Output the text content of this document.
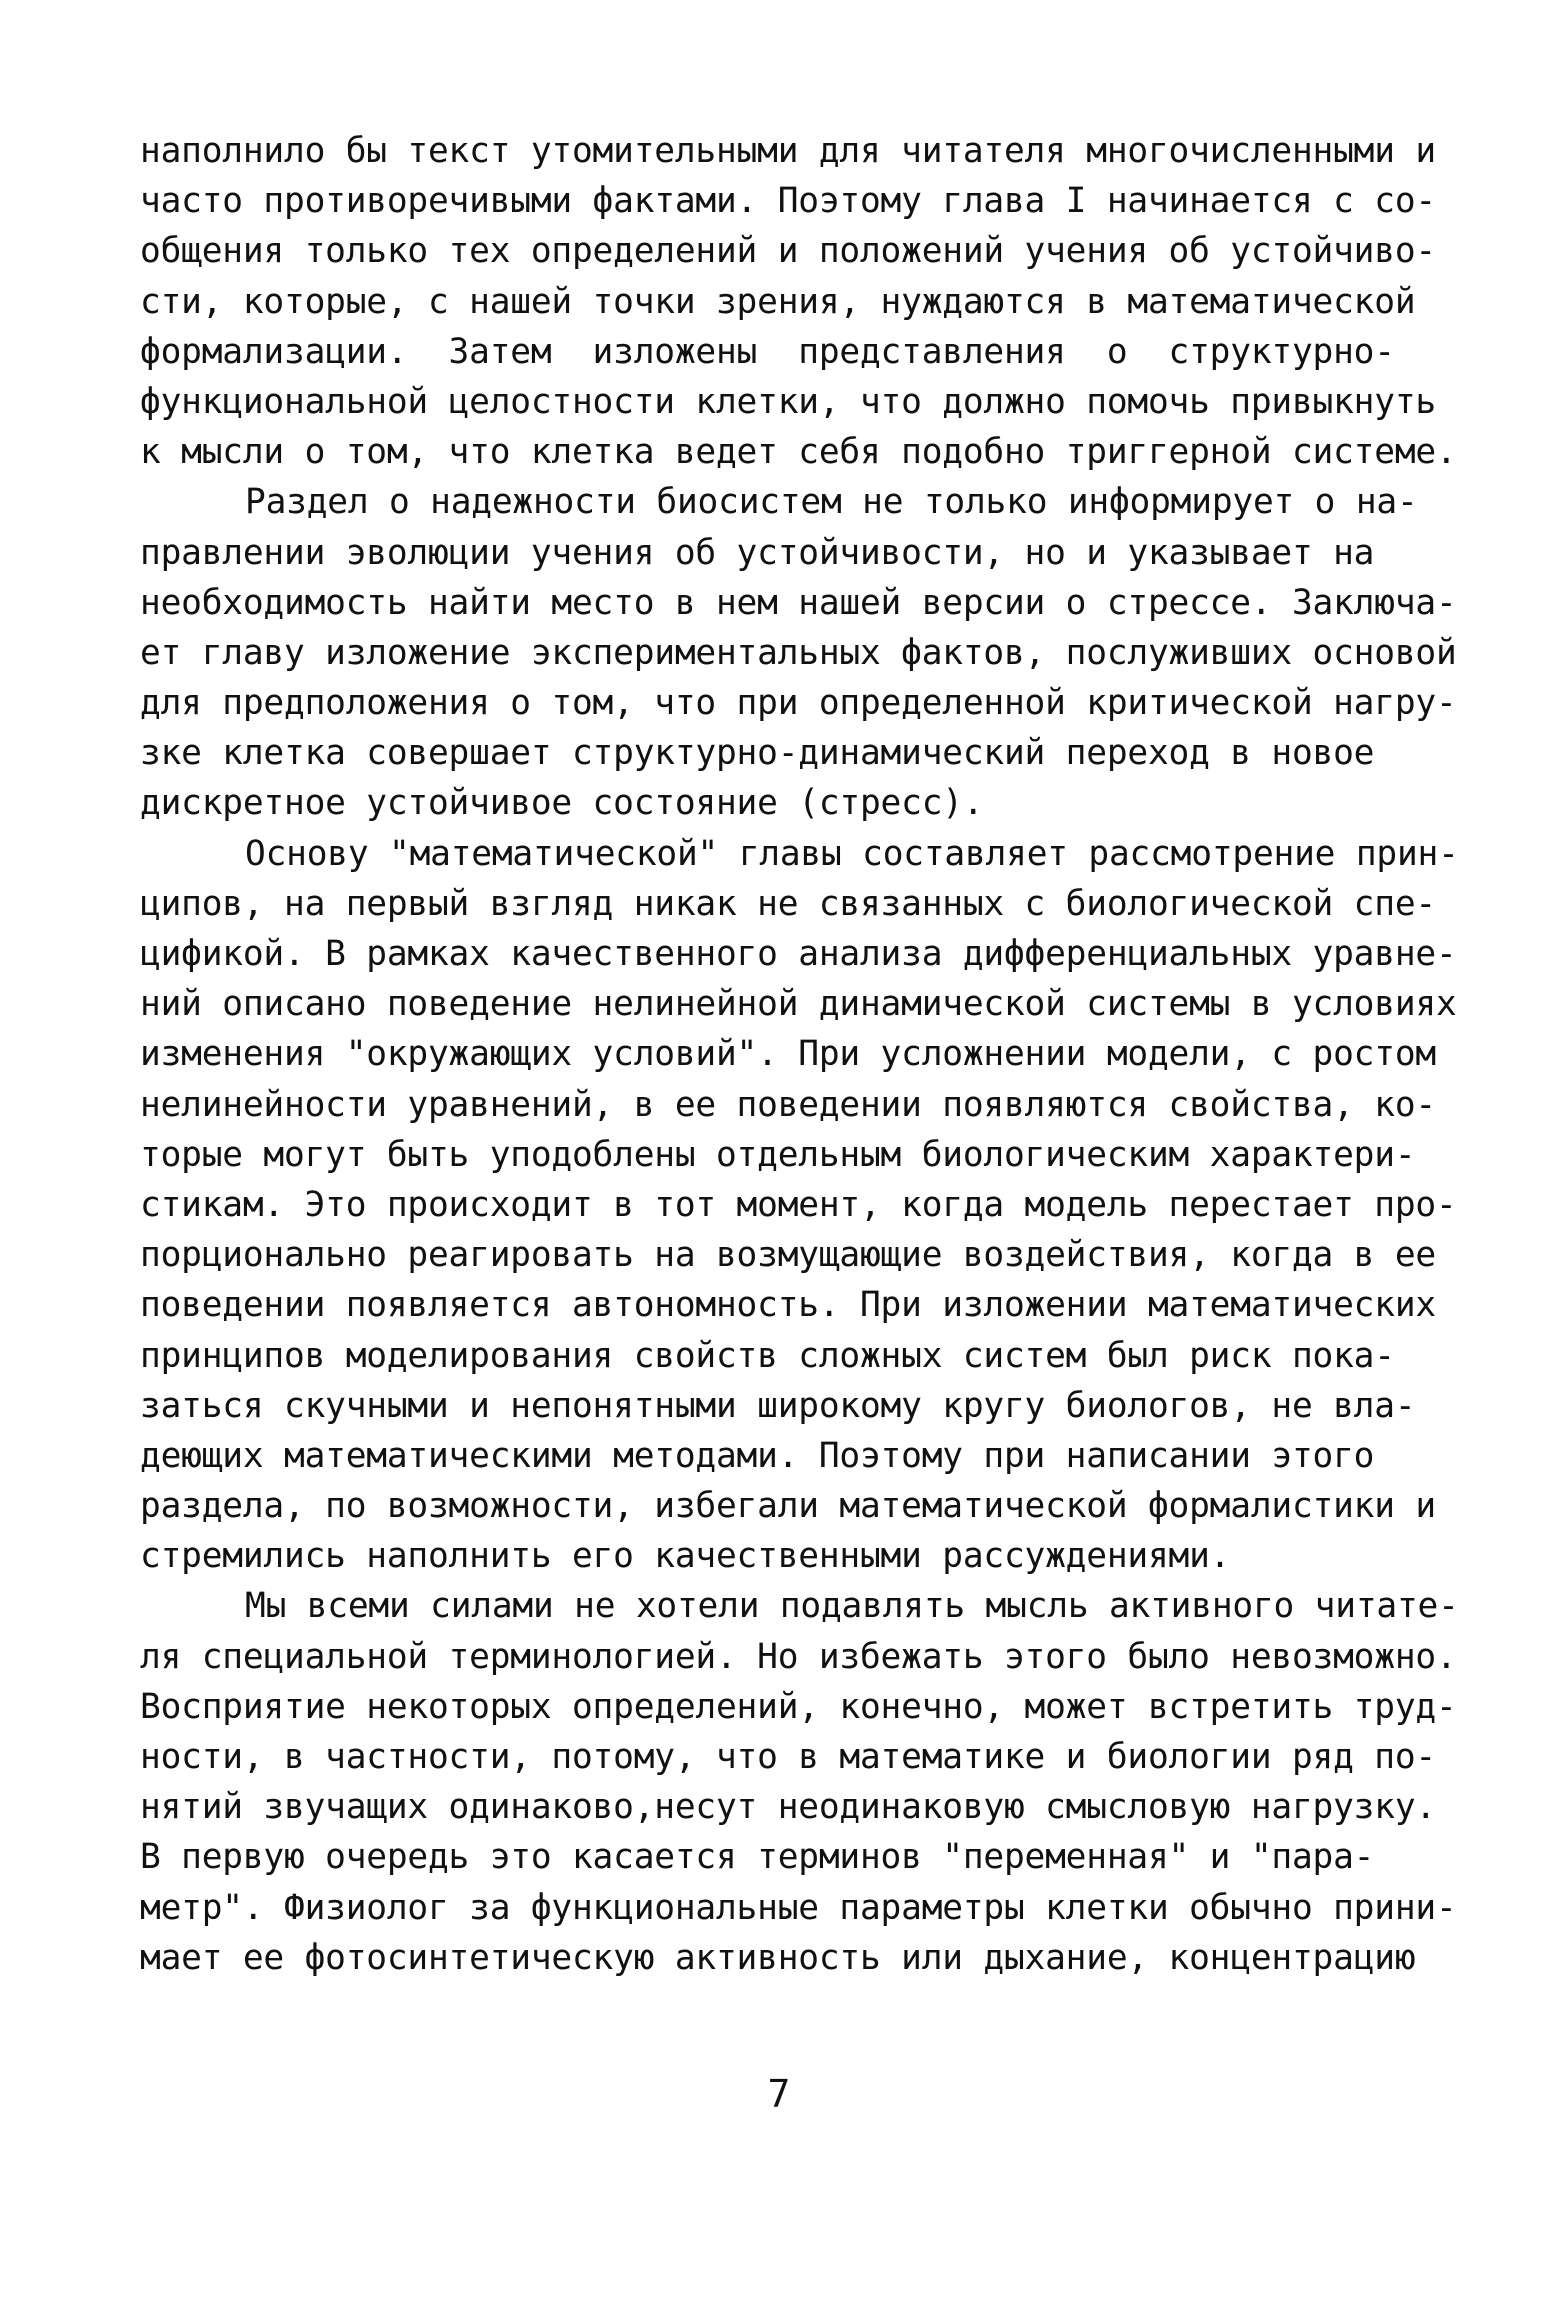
наполнило бы текст утомительными для читателя многочисленными и
часто противоречивыми фактами. Поэтому глава I начинается с со-
общения только тех определений и положений учения об устойчиво-
сти, которые, с нашей точки зрения, нуждаются в математической
формализации.  Затем  изложены  представления  о  структурно-
функциональной целостности клетки, что должно помочь привыкнуть
к мысли о том, что клетка ведет себя подобно триггерной системе.
Раздел о надежности биосистем не только информирует о на-
правлении эволюции учения об устойчивости, но и указывает на
необходимость найти место в нем нашей версии о стрессе. Заключа-
ет главу изложение экспериментальных фактов, послуживших основой
для предположения о том, что при определенной критической нагру-
зке клетка совершает структурно-динамический переход в новое
дискретное устойчивое состояние (стресс).
Основу "математической" главы составляет рассмотрение прин-
ципов, на первый взгляд никак не связанных с биологической спе-
цификой. В рамках качественного анализа дифференциальных уравне-
ний описано поведение нелинейной динамической системы в условиях
изменения "окружающих условий". При усложнении модели, с ростом
нелинейности уравнений, в ее поведении появляются свойства, ко-
торые могут быть уподоблены отдельным биологическим характери-
стикам. Это происходит в тот момент, когда модель перестает про-
порционально реагировать на возмущающие воздействия, когда в ее
поведении появляется автономность. При изложении математических
принципов моделирования свойств сложных систем был риск пока-
заться скучными и непонятными широкому кругу биологов, не вла-
деющих математическими методами. Поэтому при написании этого
раздела, по возможности, избегали математической формалистики и
стремились наполнить его качественными рассуждениями.
Мы всеми силами не хотели подавлять мысль активного читате-
ля специальной терминологией. Но избежать этого было невозможно.
Восприятие некоторых определений, конечно, может встретить труд-
ности, в частности, потому, что в математике и биологии ряд по-
нятий звучащих одинаково,несут неодинаковую смысловую нагрузку.
В первую очередь это касается терминов "переменная" и "пара-
метр". Физиолог за функциональные параметры клетки обычно прини-
мает ее фотосинтетическую активность или дыхание, концентрацию
7
